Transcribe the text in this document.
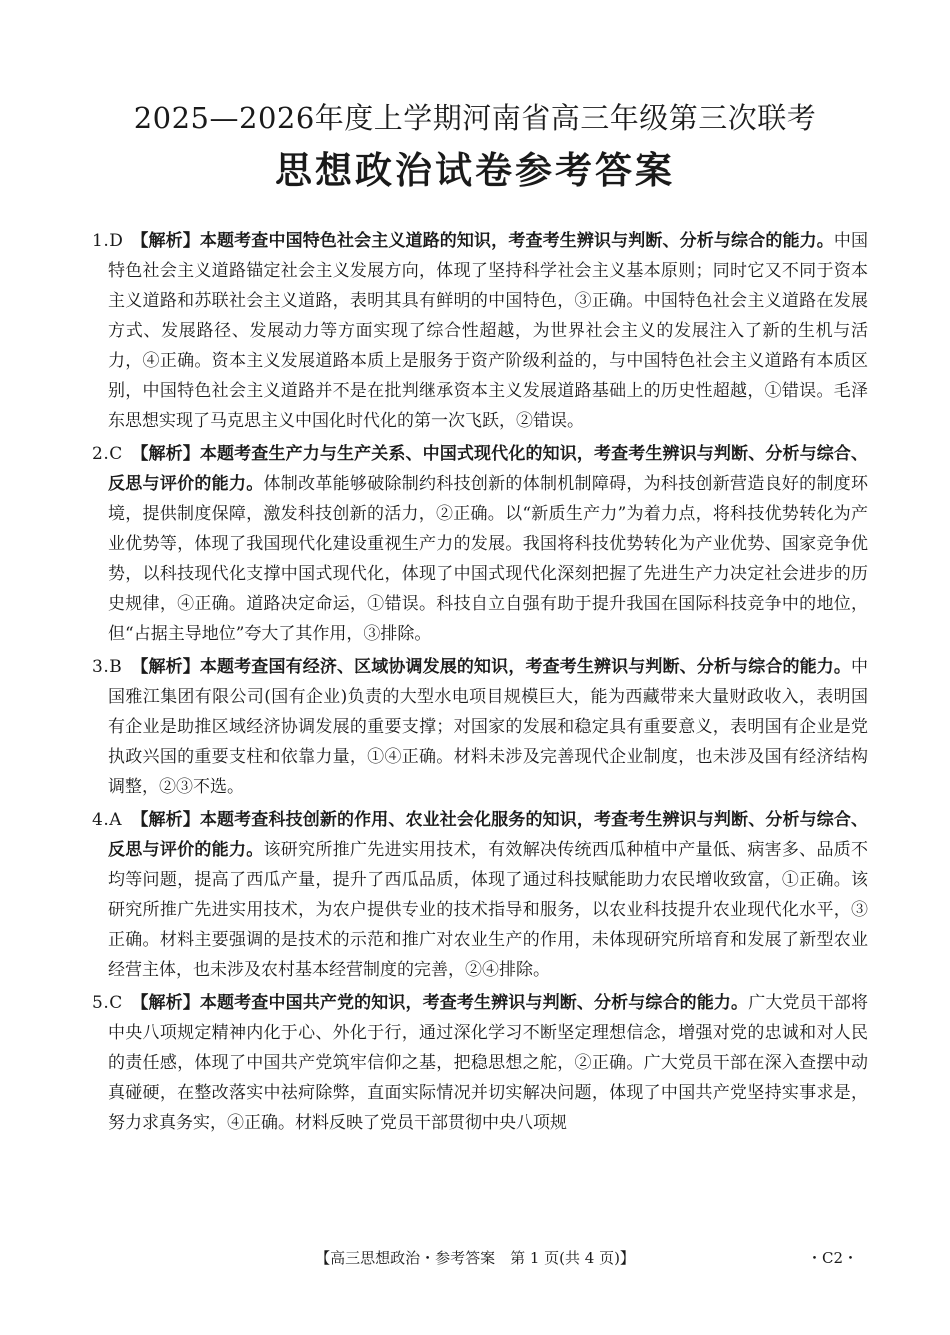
2025—2026年度上学期河南省高三年级第三次联考
思想政治试卷参考答案
1.D 【解析】本题考查中国特色社会主义道路的知识，考查考生辨识与判断、分析与综合的能力。中国特色社会主义道路锚定社会主义发展方向，体现了坚持科学社会主义基本原则；同时它又不同于资本主义道路和苏联社会主义道路，表明其具有鲜明的中国特色，③正确。中国特色社会主义道路在发展方式、发展路径、发展动力等方面实现了综合性超越，为世界社会主义的发展注入了新的生机与活力，④正确。资本主义发展道路本质上是服务于资产阶级利益的，与中国特色社会主义道路有本质区别，中国特色社会主义道路并不是在批判继承资本主义发展道路基础上的历史性超越，①错误。毛泽东思想实现了马克思主义中国化时代化的第一次飞跃，②错误。
2.C 【解析】本题考查生产力与生产关系、中国式现代化的知识，考查考生辨识与判断、分析与综合、反思与评价的能力。体制改革能够破除制约科技创新的体制机制障碍，为科技创新营造良好的制度环境，提供制度保障，激发科技创新的活力，②正确。以“新质生产力”为着力点，将科技优势转化为产业优势等，体现了我国现代化建设重视生产力的发展。我国将科技优势转化为产业优势、国家竞争优势，以科技现代化支撑中国式现代化，体现了中国式现代化深刻把握了先进生产力决定社会进步的历史规律，④正确。道路决定命运，①错误。科技自立自强有助于提升我国在国际科技竞争中的地位，但“占据主导地位”夸大了其作用，③排除。
3.B 【解析】本题考查国有经济、区域协调发展的知识，考查考生辨识与判断、分析与综合的能力。中国雅江集团有限公司(国有企业)负责的大型水电项目规模巨大，能为西藏带来大量财政收入，表明国有企业是助推区域经济协调发展的重要支撑；对国家的发展和稳定具有重要意义，表明国有企业是党执政兴国的重要支柱和依靠力量，①④正确。材料未涉及完善现代企业制度，也未涉及国有经济结构调整，②③不选。
4.A 【解析】本题考查科技创新的作用、农业社会化服务的知识，考查考生辨识与判断、分析与综合、反思与评价的能力。该研究所推广先进实用技术，有效解决传统西瓜种植中产量低、病害多、品质不均等问题，提高了西瓜产量，提升了西瓜品质，体现了通过科技赋能助力农民增收致富，①正确。该研究所推广先进实用技术，为农户提供专业的技术指导和服务，以农业科技提升农业现代化水平，③正确。材料主要强调的是技术的示范和推广对农业生产的作用，未体现研究所培育和发展了新型农业经营主体，也未涉及农村基本经营制度的完善，②④排除。
5.C 【解析】本题考查中国共产党的知识，考查考生辨识与判断、分析与综合的能力。广大党员干部将中央八项规定精神内化于心、外化于行，通过深化学习不断坚定理想信念，增强对党的忠诚和对人民的责任感，体现了中国共产党筑牢信仰之基，把稳思想之舵，②正确。广大党员干部在深入查摆中动真碰硬，在整改落实中祛疴除弊，直面实际情况并切实解决问题，体现了中国共产党坚持实事求是，努力求真务实，④正确。材料反映了党员干部贯彻中央八项规
【高三思想政治・参考答案　第 1 页(共 4 页)】	・C2・
